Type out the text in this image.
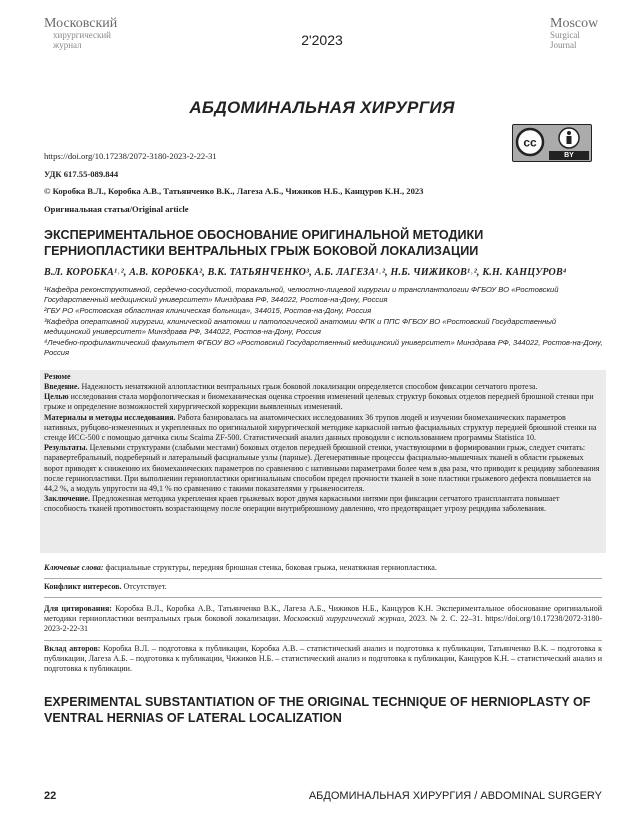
Московский
хирургический
журнал	2'2023
Moscow
Surgical
Journal
АБДОМИНАЛЬНАЯ ХИРУРГИЯ
cc
BY
https://doi.org/10.17238/2072-3180-2023-2-22-31
УДК 617.55-089.844
© Коробка В.Л., Коробка А.В., Татьянченко В.К., Лагеза А.Б., Чижиков Н.Б., Канцуров К.Н., 2023
Оригинальная статья/Original article
ЭКСПЕРИМЕНТАЛЬНОЕ ОБОСНОВАНИЕ ОРИГИНАЛЬНОЙ МЕТОДИКИ ГЕРНИОПЛАСТИКИ ВЕНТРАЛЬНЫХ ГРЫЖ БОКОВОЙ ЛОКАЛИЗАЦИИ
В.Л. КОРОБКА¹˒², А.В. КОРОБКА², В.К. ТАТЬЯНЧЕНКО³, А.Б. ЛАГЕЗА¹˒², Н.Б. ЧИЖИКОВ¹˒², К.Н. КАНЦУРОВ⁴
¹Кафедра реконструктивной, сердечно-сосудистой, торакальной, челюстно-лицевой хирургии и трансплантологии ФГБОУ ВО «Ростовский Государственный медицинский университет» Минздрава РФ, 344022, Ростов-на-Дону, Россия
²ГБУ РО «Ростовская областная клиническая больница», 344015, Ростов-на-Дону, Россия
³Кафедра оперативной хирургии, клинической анатомии и патологической анатомии ФПК и ППС ФГБОУ ВО «Ростовский Государственный медицинский университет» Минздрава РФ, 344022, Ростов-на-Дону, Россия
⁴Лечебно-профилактический факультет ФГБОУ ВО «Ростовский Государственный медицинский университет» Минздрава РФ, 344022, Ростов-на-Дону, Россия
Резюме
Введение. Надежность ненатяжной аллопластики вентральных грыж боковой локализации определяется способом фиксации сетчатого протеза.
Целью исследования стала морфологическая и биомеханическая оценка строения изменений целевых структур боковых отделов передней брюшной стенки при грыже и определение возможностей хирургической коррекции выявленных изменений.
Материалы и методы исследования. Работа базировалась на анатомических исследованиях 36 трупов людей и изучении биомеханических параметров нативных, рубцово-измененных и укрепленных по оригинальной хирургической методике каркасной нитью фасциальных структур передней брюшной стенки на стенде ИСС-500 с помощью датчика силы Scaima ZF-500. Статистический анализ данных проводили с использованием программы Statistica 10.
Результаты. Целевыми структурами (слабыми местами) боковых отделов передней брюшной стенки, участвующими в формировании грыж, следует считать: паравертебральный, подреберный и латеральный фасциальные узлы (парные). Дегенеративные процессы фасциально-мышечных тканей в области грыжевых ворот приводят к снижению их биомеханических параметров по сравнению с нативными параметрами более чем в два раза, что приводит к рецидиву заболевания после герниопластики. При выполнении герниопластики оригинальным способом предел прочности тканей в зоне пластики грыжевого дефекта повышается на 44,2 %, а модуль упругости на 49,1 % по сравнению с такими показателями у грыженосителя.
Заключение. Предложенная методика укрепления краев грыжевых ворот двумя каркасными нитями при фиксации сетчатого трансплантата повышает способность тканей противостоять возрастающему после операции внутрибрюшному давлению, что предотвращает угрозу рецидива заболевания.
Ключевые слова: фасциальные структуры, передняя брюшная стенка, боковая грыжа, ненатяжная герниопластика.
Конфликт интересов. Отсутствует.
Для цитирования: Коробка В.Л., Коробка А.В., Татьянченко В.К., Лагеза А.Б., Чижиков Н.Б., Канцуров К.Н. Экспериментальное обоснование оригинальной методики герниопластики вентральных грыж боковой локализации. Московский хирургический журнал, 2023. № 2. С. 22–31. https://doi.org/10.17238/2072-3180-2023-2-22-31
Вклад авторов: Коробка В.Л. – подготовка к публикации, Коробка А.В. – статистический анализ и подготовка к публикации, Татьянченко В.К. – подготовка к публикации, Лагеза А.Б. – подготовка к публикации, Чижиков Н.Б. – статистический анализ и подготовка к публикации, Канцуров К.Н. – статистический анализ и подготовка к публикации.
EXPERIMENTAL SUBSTANTIATION OF THE ORIGINAL TECHNIQUE OF HERNIOPLASTY OF VENTRAL HERNIAS OF LATERAL LOCALIZATION
22	АБДОМИНАЛЬНАЯ ХИРУРГИЯ / ABDOMINAL SURGERY
